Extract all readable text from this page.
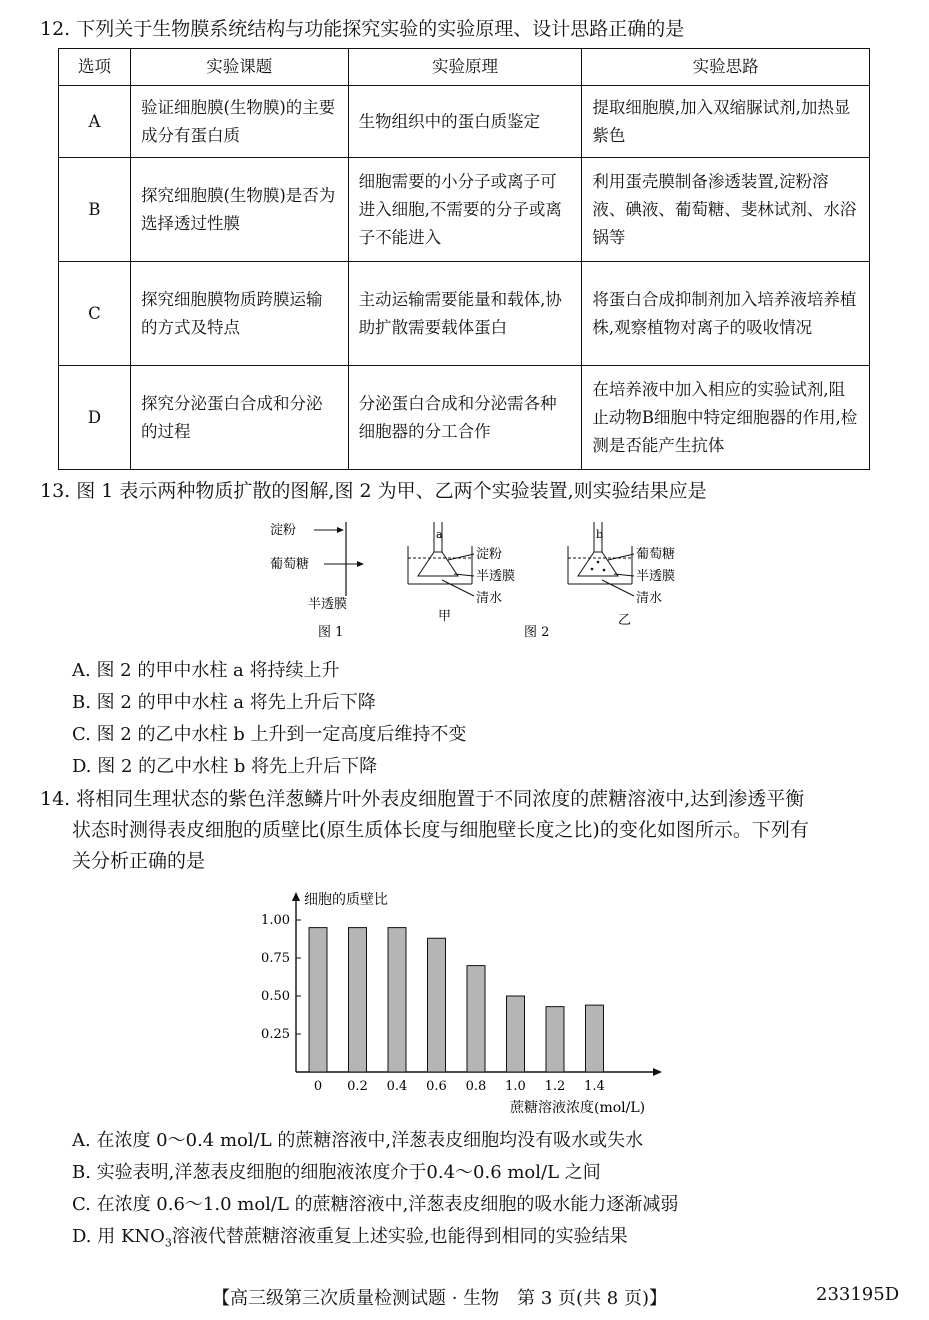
12. 下列关于生物膜系统结构与功能探究实验的实验原理、设计思路正确的是
选项	实验课题	实验原理	实验思路
A	验证细胞膜(生物膜)的主要成分有蛋白质	生物组织中的蛋白质鉴定	提取细胞膜,加入双缩脲试剂,加热显紫色
B	探究细胞膜(生物膜)是否为选择透过性膜	细胞需要的小分子或离子可进入细胞,不需要的分子或离子不能进入	利用蛋壳膜制备渗透装置,淀粉溶液、碘液、葡萄糖、斐林试剂、水浴锅等
C	探究细胞膜物质跨膜运输的方式及特点	主动运输需要能量和载体,协助扩散需要载体蛋白	将蛋白合成抑制剂加入培养液培养植株,观察植物对离子的吸收情况
D	探究分泌蛋白合成和分泌的过程	分泌蛋白合成和分泌需各种细胞器的分工合作	在培养液中加入相应的实验试剂,阻止动物B细胞中特定细胞器的作用,检测是否能产生抗体
13. 图 1 表示两种物质扩散的图解,图 2 为甲、乙两个实验装置,则实验结果应是
淀粉
葡萄糖
半透膜
图 1
a
淀粉
半透膜
清水
甲
图 2
b
葡萄糖
半透膜
清水
乙
A. 图 2 的甲中水柱 a 将持续上升
B. 图 2 的甲中水柱 a 将先上升后下降
C. 图 2 的乙中水柱 b 上升到一定高度后维持不变
D. 图 2 的乙中水柱 b 将先上升后下降
14. 将相同生理状态的紫色洋葱鳞片叶外表皮细胞置于不同浓度的蔗糖溶液中,达到渗透平衡
状态时测得表皮细胞的质壁比(原生质体长度与细胞壁长度之比)的变化如图所示。下列有
关分析正确的是
0.25
0.50
0.75
1.00
0 0.2 0.4 0.6 0.8 1.0 1.2 1.4
细胞的质壁比
蔗糖溶液浓度(mol/L)
A. 在浓度 0～0.4 mol/L 的蔗糖溶液中,洋葱表皮细胞均没有吸水或失水
B. 实验表明,洋葱表皮细胞的细胞液浓度介于0.4～0.6 mol/L 之间
C. 在浓度 0.6～1.0 mol/L 的蔗糖溶液中,洋葱表皮细胞的吸水能力逐渐减弱
D. 用 $KNO_3$溶液代替蔗糖溶液重复上述实验,也能得到相同的实验结果
【高三级第三次质量检测试题 · 生物　第 3 页(共 8 页)】	233195D
